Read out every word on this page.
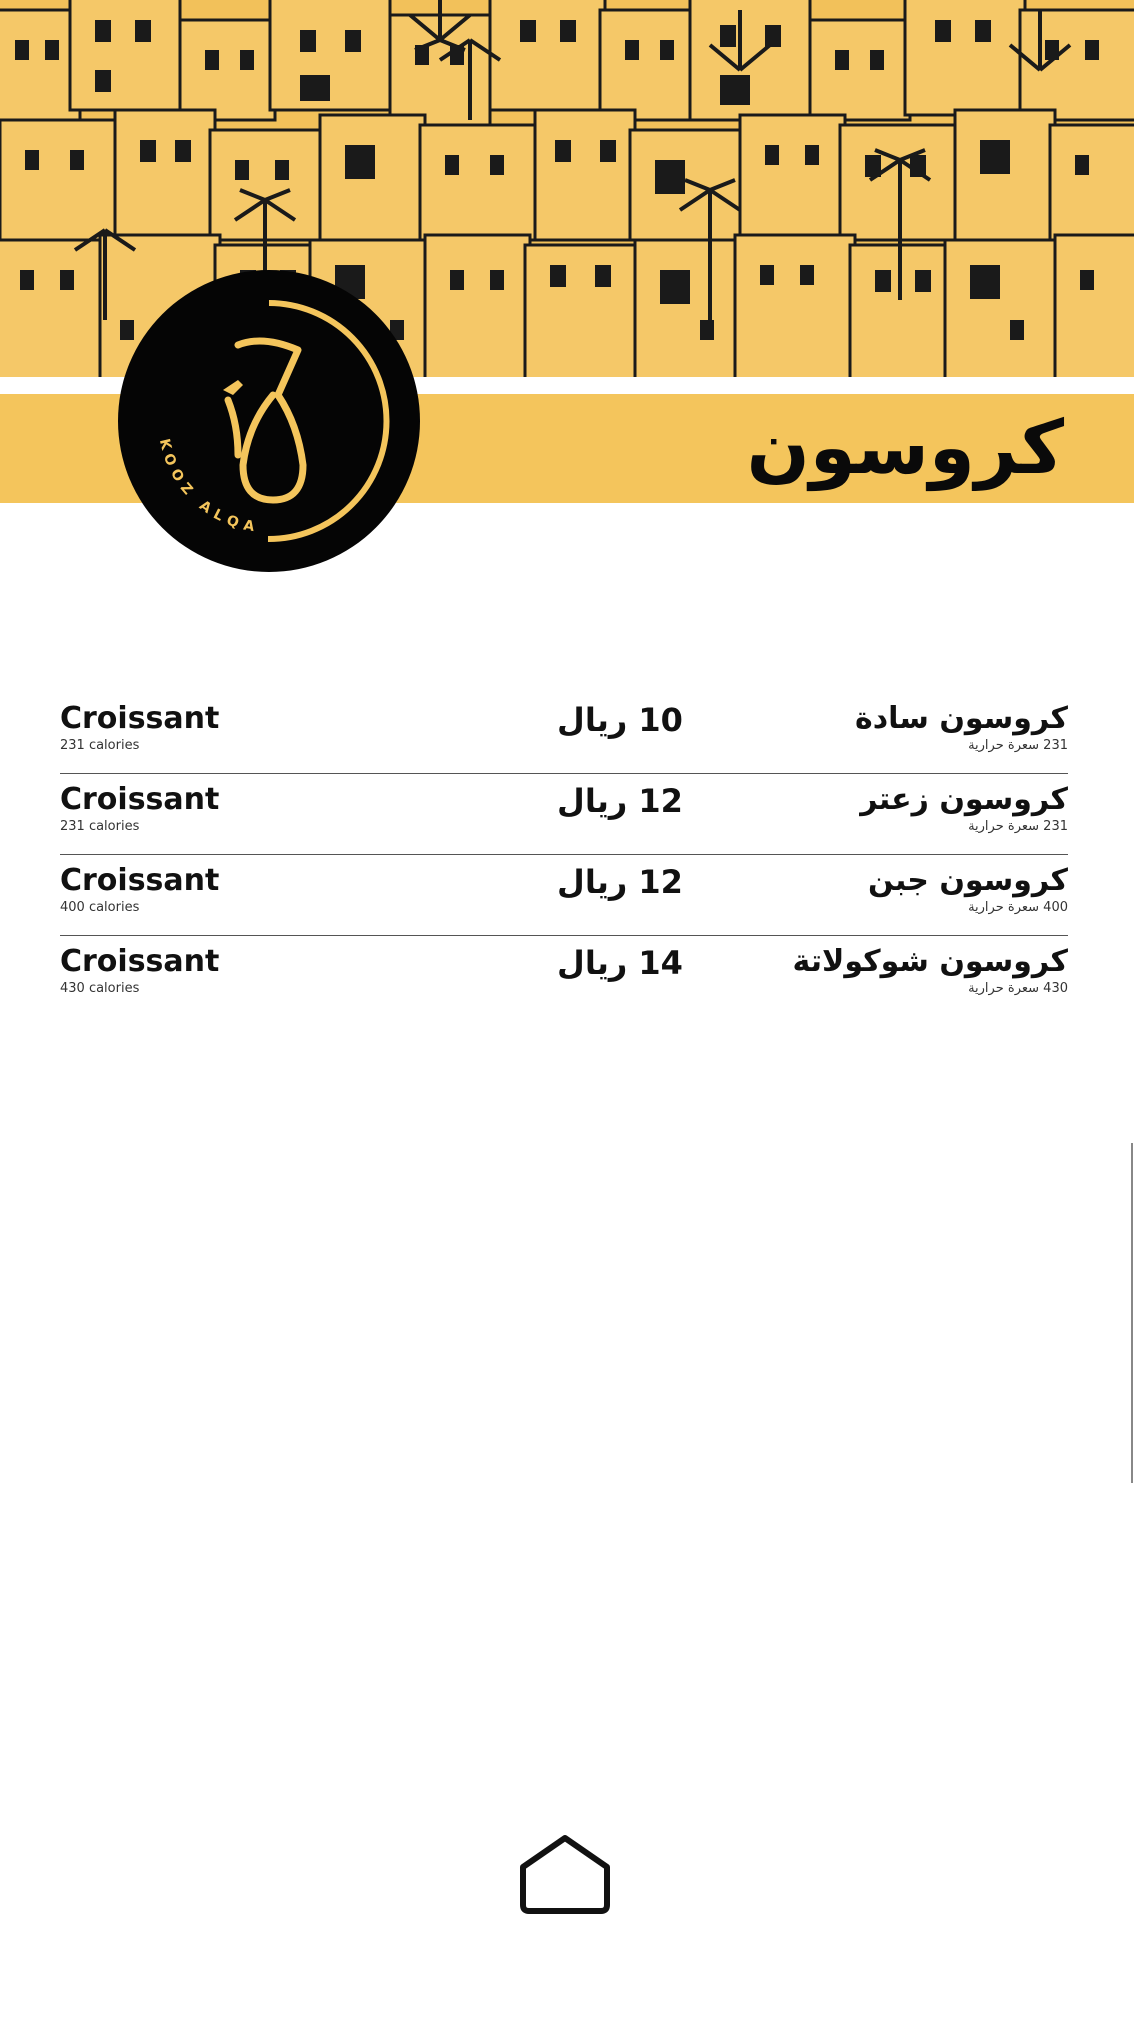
كروسون
KOOZ ALQA
Croissant
231 calories
10 ريال	كروسون سادة
231 سعرة حرارية
Croissant
231 calories
12 ريال	كروسون زعتر
231 سعرة حرارية
Croissant
400 calories
12 ريال	كروسون جبن
400 سعرة حرارية
Croissant
430 calories
14 ريال	كروسون شوكولاتة
430 سعرة حرارية
